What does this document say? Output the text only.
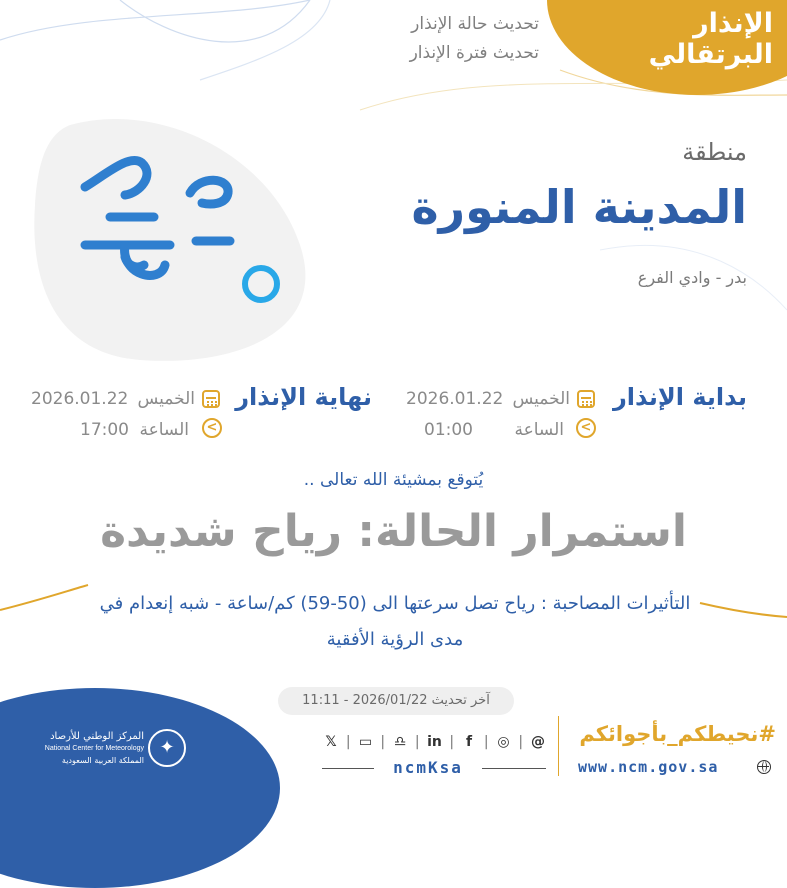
الإنذار البرتقالي
تحديث حالة الإنذار
تحديث فترة الإنذار
منطقة
المدينة المنورة
بدر - وادي الفرع
بداية الإنذار
الخميس
2026.01.22
<
الساعة
01:00
نهاية الإنذار
الخميس
2026.01.22
<
الساعة
17:00
يُتوقع بمشيئة الله تعالى ..
استمرار الحالة: رياح شديدة
التأثيرات المصاحبة : رياح تصل سرعتها الى (50-59) كم/ساعة - شبه إنعدام في مدى الرؤية الأفقية
آخر تحديث 2026/01/22 - 11:11
✦
المركز الوطني للأرصاد
National Center for Meteorology
المملكة العربية السعودية
𝕏 | ▭ | ♎ | in | f | ◎ | @
ncmKsa
#نحيطكم_بأجوائكم
www.ncm.gov.sa
